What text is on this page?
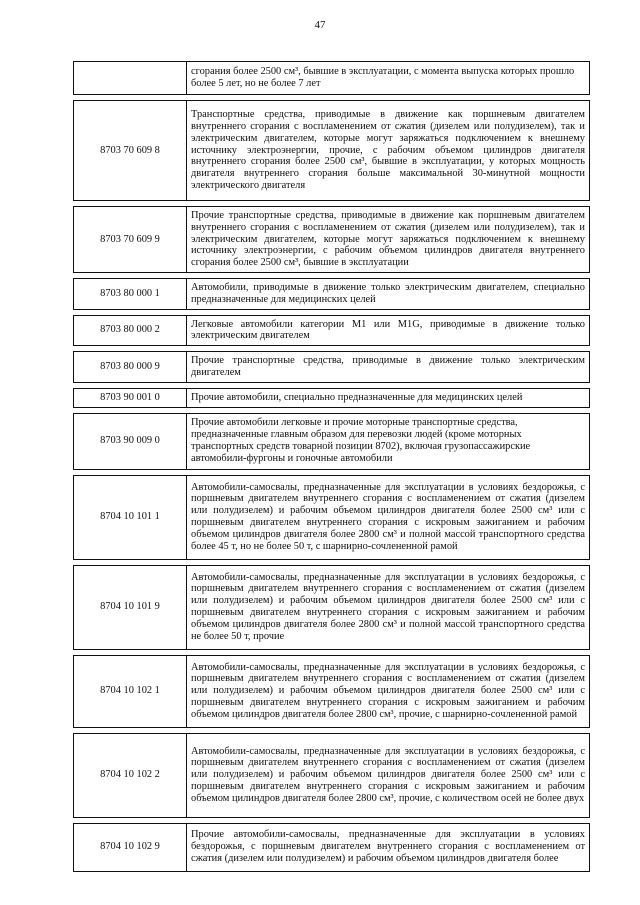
47
	сгорания более 2500 см³, бывшие в эксплуатации, с момента выпуска которых прошло более 5 лет, но не более 7 лет

8703 70 609 8	Транспортные средства, приводимые в движение как поршневым двигателем внутреннего сгорания с воспламенением от сжатия (дизелем или полудизелем), так и электрическим двигателем, которые могут заряжаться подключением к внешнему источнику электроэнергии, прочие, с рабочим объемом цилиндров двигателя внутреннего сгорания более 2500 см³, бывшие в эксплуатации, у которых мощность двигателя внутреннего сгорания больше максимальной 30-минутной мощности электрического двигателя

8703 70 609 9	Прочие транспортные средства, приводимые в движение как поршневым двигателем внутреннего сгорания с воспламенением от сжатия (дизелем или полудизелем), так и электрическим двигателем, которые могут заряжаться подключением к внешнему источнику электроэнергии, с рабочим объемом цилиндров двигателя внутреннего сгорания более 2500 см³, бывшие в эксплуатации

8703 80 000 1	Автомобили, приводимые в движение только электрическим двигателем, специально предназначенные для медицинских целей

8703 80 000 2	Легковые автомобили категории M1 или M1G, приводимые в движение только электрическим двигателем

8703 80 000 9	Прочие транспортные средства, приводимые в движение только электрическим двигателем

8703 90 001 0	Прочие автомобили, специально предназначенные для медицинских целей

8703 90 009 0	Прочие автомобили легковые и прочие моторные транспортные средства, предназначенные главным образом для перевозки людей (кроме моторных транспортных средств товарной позиции 8702), включая грузопассажирские автомобили-фургоны и гоночные автомобили

8704 10 101 1	Автомобили-самосвалы, предназначенные для эксплуатации в условиях бездорожья, с поршневым двигателем внутреннего сгорания с воспламенением от сжатия (дизелем или полудизелем) и рабочим объемом цилиндров двигателя более 2500 см³ или с поршневым двигателем внутреннего сгорания с искровым зажиганием и рабочим объемом цилиндров двигателя более 2800 см³ и полной массой транспортного средства более 45 т, но не более 50 т, с шарнирно-сочлененной рамой

8704 10 101 9	Автомобили-самосвалы, предназначенные для эксплуатации в условиях бездорожья, с поршневым двигателем внутреннего сгорания с воспламенением от сжатия (дизелем или полудизелем) и рабочим объемом цилиндров двигателя более 2500 см³ или с поршневым двигателем внутреннего сгорания с искровым зажиганием и рабочим объемом цилиндров двигателя более 2800 см³ и полной массой транспортного средства не более 50 т, прочие

8704 10 102 1	Автомобили-самосвалы, предназначенные для эксплуатации в условиях бездорожья, с поршневым двигателем внутреннего сгорания с воспламенением от сжатия (дизелем или полудизелем) и рабочим объемом цилиндров двигателя более 2500 см³ или с поршневым двигателем внутреннего сгорания с искровым зажиганием и рабочим объемом цилиндров двигателя более 2800 см³, прочие, с шарнирно-сочлененной рамой

8704 10 102 2	Автомобили-самосвалы, предназначенные для эксплуатации в условиях бездорожья, с поршневым двигателем внутреннего сгорания с воспламенением от сжатия (дизелем или полудизелем) и рабочим объемом цилиндров двигателя более 2500 см³ или с поршневым двигателем внутреннего сгорания с искровым зажиганием и рабочим объемом цилиндров двигателя более 2800 см³, прочие, с количеством осей не более двух

8704 10 102 9	Прочие автомобили-самосвалы, предназначенные для эксплуатации в условиях бездорожья, с поршневым двигателем внутреннего сгорания с воспламенением от сжатия (дизелем или полудизелем) и рабочим объемом цилиндров двигателя более
